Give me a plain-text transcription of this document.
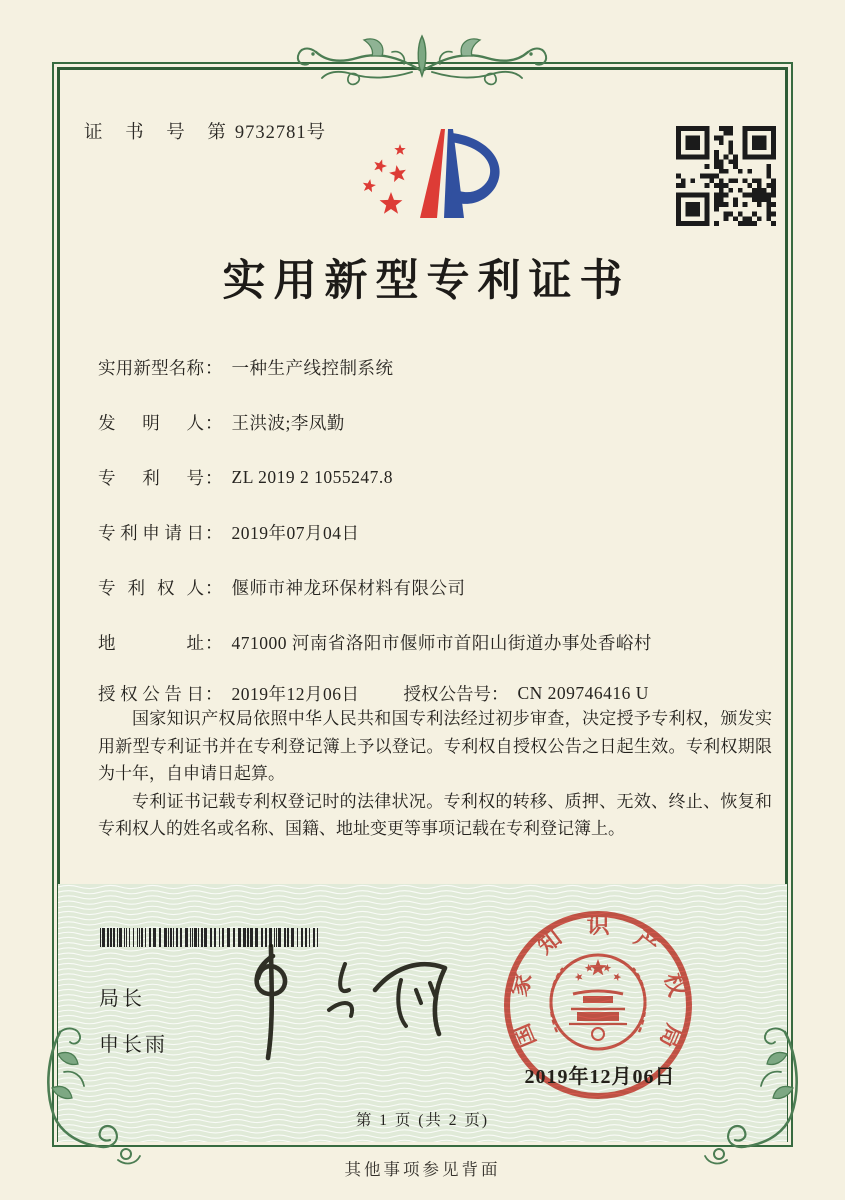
证 书 号 第9732781号
实用新型专利证书
实用新型名称 ： 一种生产线控制系统
发明人 ： 王洪波;李凤勤
专利号 ： ZL 2019 2 1055247.8
专利申请日 ： 2019年07月04日
专利权人 ： 偃师市神龙环保材料有限公司
地址 ： 471000 河南省洛阳市偃师市首阳山街道办事处香峪村
授权公告日 ： 2019年12月06日	授权公告号 ： CN 209746416 U

国家知识产权局依照中华人民共和国专利法经过初步审查，决定授予专利权，颁发实用新型专利证书并在专利登记簿上予以登记。专利权自授权公告之日起生效。专利权期限为十年，自申请日起算。

专利证书记载专利权登记时的法律状况。专利权的转移、质押、无效、终止、恢复和专利权人的姓名或名称、国籍、地址变更等事项记载在专利登记簿上。

局长
申长雨	国家知识产权局
2019年12月06日
第 1 页 (共 2 页)
其他事项参见背面
